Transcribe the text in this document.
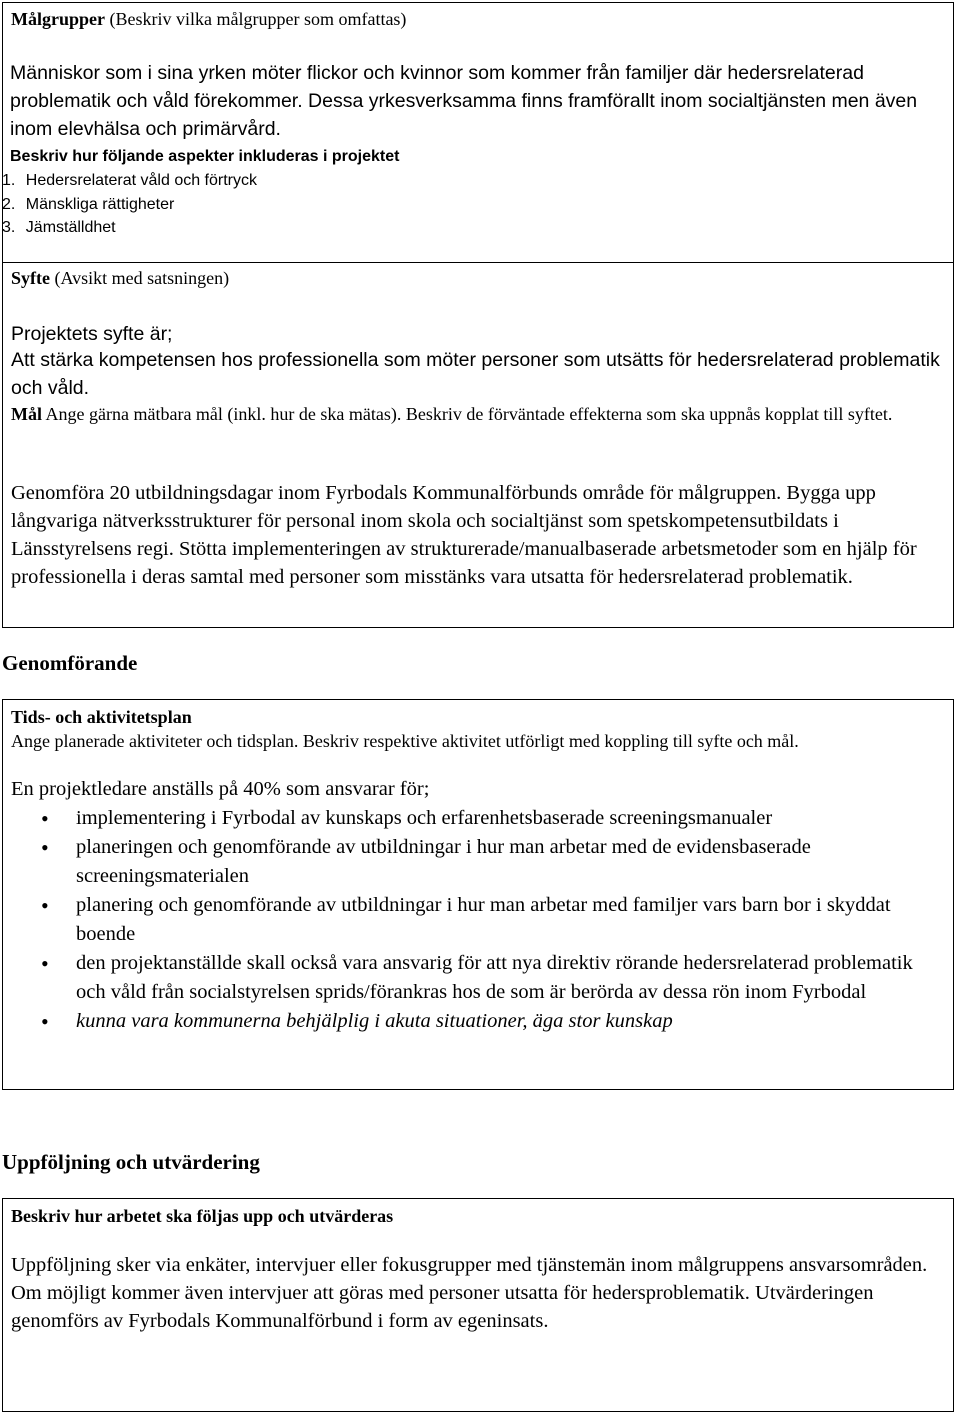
Målgrupper (Beskriv vilka målgrupper som omfattas)
Människor som i sina yrken möter flickor och kvinnor som kommer från familjer där hedersrelaterad problematik och våld förekommer. Dessa yrkesverksamma finns framförallt inom socialtjänsten men även inom elevhälsa och primärvård.
Beskriv hur följande aspekter inkluderas i projektet
1. Hedersrelaterat våld och förtryck
2. Mänskliga rättigheter
3. Jämställdhet
Syfte (Avsikt med satsningen)
Projektets syfte är;
Att stärka kompetensen hos professionella som möter personer som utsätts för hedersrelaterad problematik och våld.
Mål Ange gärna mätbara mål (inkl. hur de ska mätas). Beskriv de förväntade effekterna som ska uppnås kopplat till syftet.
Genomföra 20 utbildningsdagar inom Fyrbodals Kommunalförbunds område för målgruppen. Bygga upp långvariga nätverksstrukturer för personal inom skola och socialtjänst som spetskompetensutbildats i Länsstyrelsens regi. Stötta implementeringen av strukturerade/manualbaserade arbetsmetoder som en hjälp för professionella i deras samtal med personer som misstänks vara utsatta för hedersrelaterad problematik.
Genomförande
Tids- och aktivitetsplan
Ange planerade aktiviteter och tidsplan. Beskriv respektive aktivitet utförligt med koppling till syfte och mål.
En projektledare anställs på 40% som ansvarar för;
• implementering i Fyrbodal av kunskaps och erfarenhetsbaserade screeningsmanualer
• planeringen och genomförande av utbildningar i hur man arbetar med de evidensbaserade screeningsmaterialen
• planering och genomförande av utbildningar i hur man arbetar med familjer vars barn bor i skyddat boende
• den projektanställde skall också vara ansvarig för att nya direktiv rörande hedersrelaterad problematik och våld från socialstyrelsen sprids/förankras hos de som är berörda av dessa rön inom Fyrbodal
• kunna vara kommunerna behjälplig i akuta situationer, äga stor kunskap
Uppföljning och utvärdering
Beskriv hur arbetet ska följas upp och utvärderas
Uppföljning sker via enkäter, intervjuer eller fokusgrupper med tjänstemän inom målgruppens ansvarsområden. Om möjligt kommer även intervjuer att göras med personer utsatta för hedersproblematik. Utvärderingen genomförs av Fyrbodals Kommunalförbund i form av egeninsats.
